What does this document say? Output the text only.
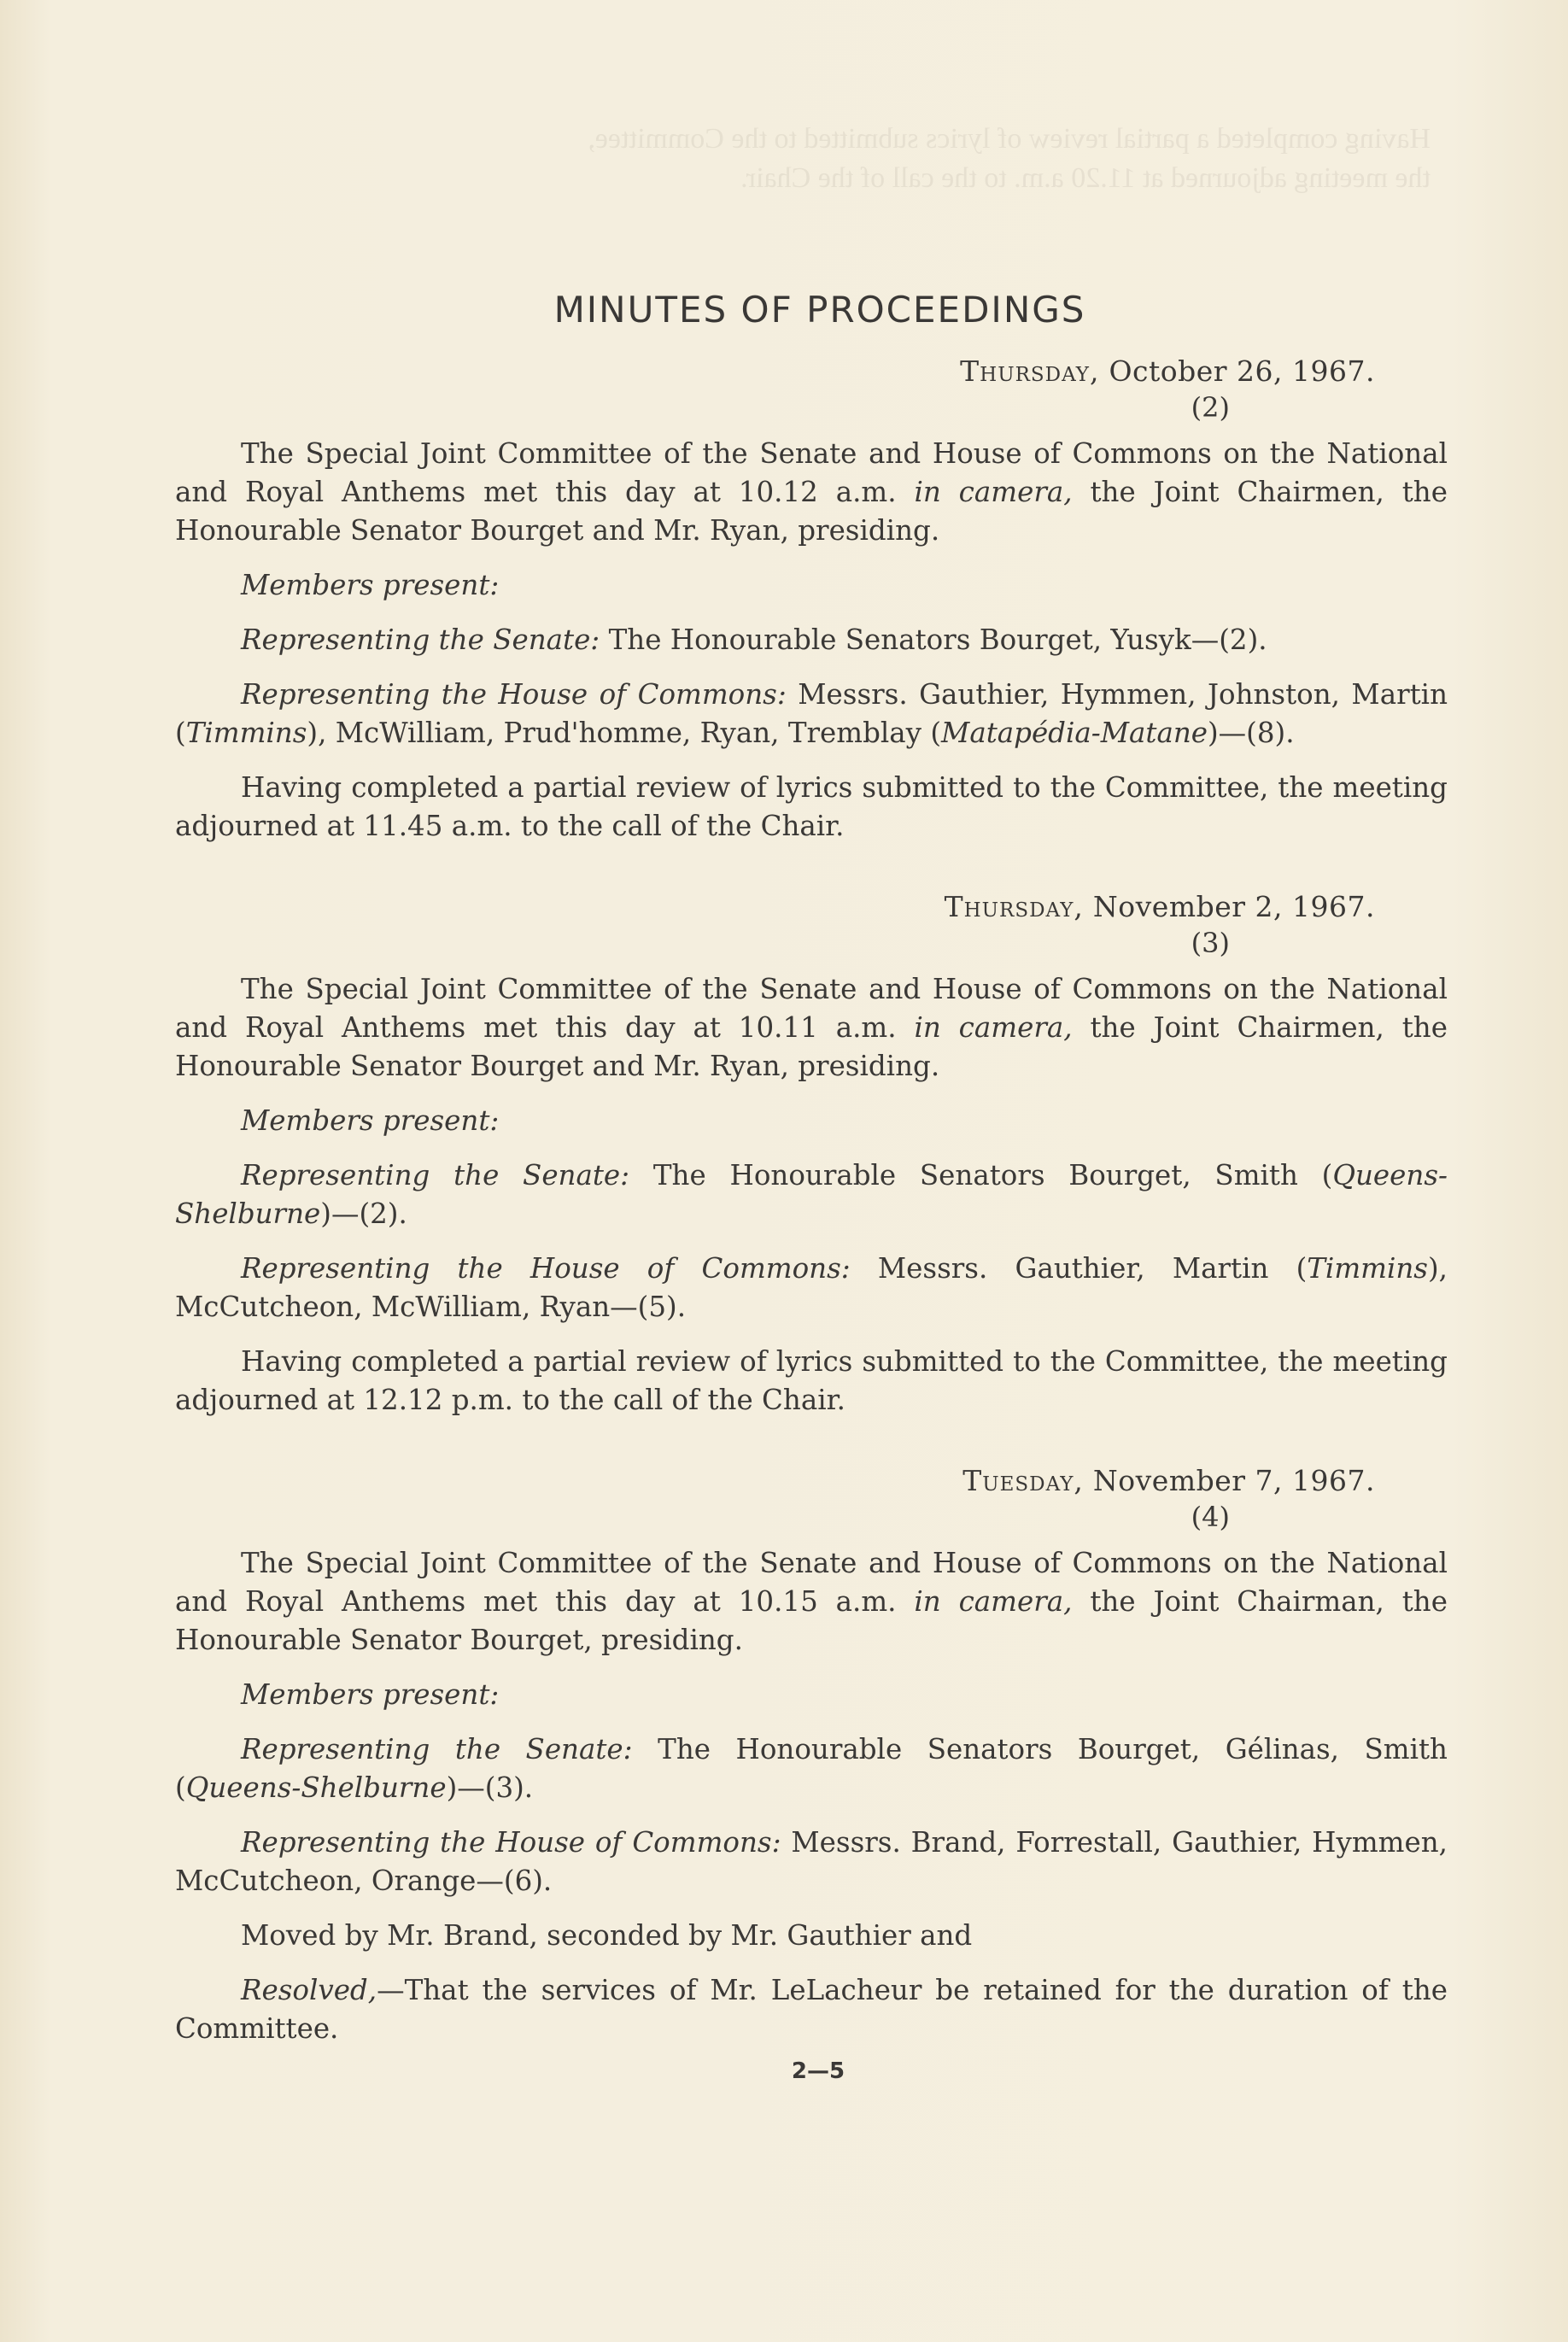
Having completed a partial review of lyrics submitted to the Committee,
the meeting adjourned at 11.20 a.m. to the call of the Chair.
MINUTES OF PROCEEDINGS
Thursday, October 26, 1967.
(2)

The Special Joint Committee of the Senate and House of Commons on the National and Royal Anthems met this day at 10.12 a.m. in camera, the Joint Chairmen, the Honourable Senator Bourget and Mr. Ryan, presiding.

Members present:

Representing the Senate: The Honourable Senators Bourget, Yusyk—(2).

Representing the House of Commons: Messrs. Gauthier, Hymmen, Johnston, Martin (Timmins), McWilliam, Prud'homme, Ryan, Tremblay (Matapédia-Matane)—(8).

Having completed a partial review of lyrics submitted to the Committee, the meeting adjourned at 11.45 a.m. to the call of the Chair.

Thursday, November 2, 1967.
(3)

The Special Joint Committee of the Senate and House of Commons on the National and Royal Anthems met this day at 10.11 a.m. in camera, the Joint Chairmen, the Honourable Senator Bourget and Mr. Ryan, presiding.

Members present:

Representing the Senate: The Honourable Senators Bourget, Smith (Queens-Shelburne)—(2).

Representing the House of Commons: Messrs. Gauthier, Martin (Timmins), McCutcheon, McWilliam, Ryan—(5).

Having completed a partial review of lyrics submitted to the Committee, the meeting adjourned at 12.12 p.m. to the call of the Chair.

Tuesday, November 7, 1967.
(4)

The Special Joint Committee of the Senate and House of Commons on the National and Royal Anthems met this day at 10.15 a.m. in camera, the Joint Chairman, the Honourable Senator Bourget, presiding.

Members present:

Representing the Senate: The Honourable Senators Bourget, Gélinas, Smith (Queens-Shelburne)—(3).

Representing the House of Commons: Messrs. Brand, Forrestall, Gauthier, Hymmen, McCutcheon, Orange—(6).

Moved by Mr. Brand, seconded by Mr. Gauthier and

Resolved,—That the services of Mr. LeLacheur be retained for the duration of the Committee.

2—5
